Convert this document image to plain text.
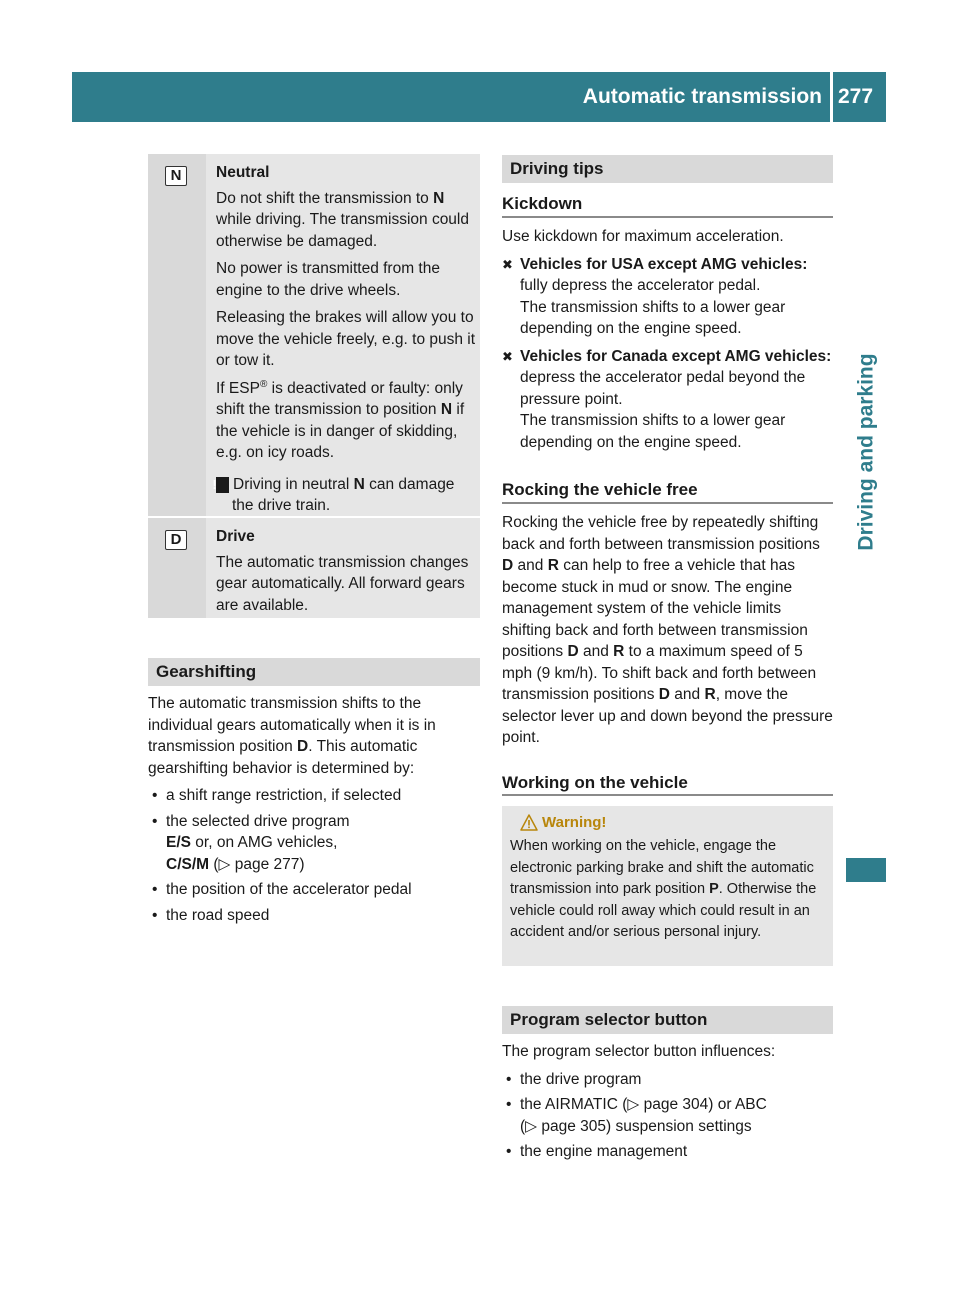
Automatic transmission 277
Driving and parking
N	Neutral

Do not shift the transmission to N while driving. The transmission could otherwise be damaged.

No power is transmitted from the engine to the drive wheels.

Releasing the brakes will allow you to move the vehicle freely, e.g. to push it or tow it.

If ESP® is deactivated or faulty: only shift the transmission to position N if the vehicle is in danger of skidding, e.g. on icy roads.

! Driving in neutral N can damage the drive train.

D	Drive

The automatic transmission changes gear automatically. All forward gears are available.

Gearshifting

The automatic transmission shifts to the individual gears automatically when it is in transmission position D. This automatic gearshifting behavior is determined by:

• a shift range restriction, if selected
• the selected drive program
E/S or, on AMG vehicles,
C/S/M (▷ page 277)
• the position of the accelerator pedal
• the road speed
Driving tips
Kickdown

Use kickdown for maximum acceleration.

✖ Vehicles for USA except AMG vehicles: fully depress the accelerator pedal.
The transmission shifts to a lower gear depending on the engine speed.
✖ Vehicles for Canada except AMG vehicles: depress the accelerator pedal beyond the pressure point.
The transmission shifts to a lower gear depending on the engine speed.
Rocking the vehicle free

Rocking the vehicle free by repeatedly shifting back and forth between transmission positions D and R can help to free a vehicle that has become stuck in mud or snow. The engine management system of the vehicle limits shifting back and forth between transmission positions D and R to a maximum speed of 5 mph (9 km/h). To shift back and forth between transmission positions D and R, move the selector lever up and down beyond the pressure point.

Working on the vehicle
Warning!
When working on the vehicle, engage the electronic parking brake and shift the automatic transmission into park position P. Otherwise the vehicle could roll away which could result in an accident and/or serious personal injury.
Program selector button

The program selector button influences:

• the drive program
• the AIRMATIC (▷ page 304) or ABC
(▷ page 305) suspension settings
• the engine management
